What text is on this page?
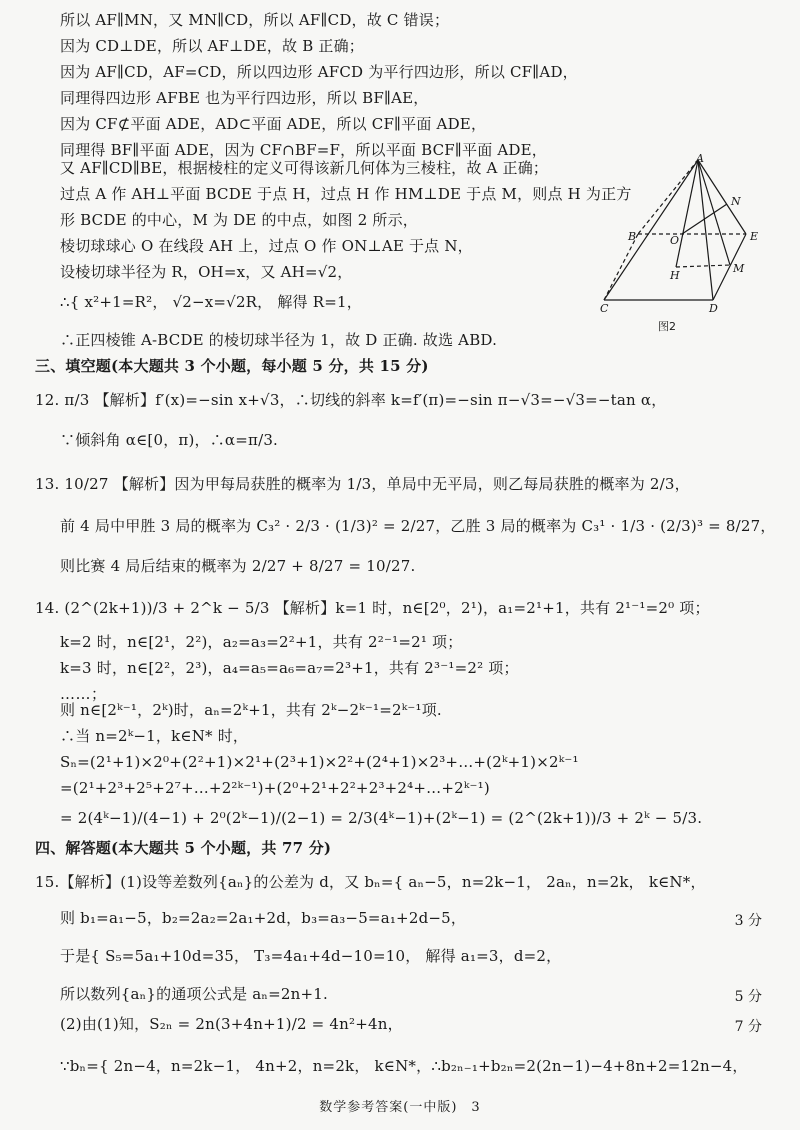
所以 AF∥MN，又 MN∥CD，所以 AF∥CD，故 C 错误；
因为 CD⊥DE，所以 AF⊥DE，故 B 正确；
因为 AF∥CD，AF=CD，所以四边形 AFCD 为平行四边形，所以 CF∥AD，
同理得四边形 AFBE 也为平行四边形，所以 BF∥AE，
因为 CF⊄平面 ADE，AD⊂平面 ADE，所以 CF∥平面 ADE，
同理得 BF∥平面 ADE，因为 CF∩BF=F，所以平面 BCF∥平面 ADE，
又 AF∥CD∥BE，根据棱柱的定义可得该新几何体为三棱柱，故 A 正确；
过点 A 作 AH⊥平面 BCDE 于点 H，过点 H 作 HM⊥DE 于点 M，则点 H 为正方
形 BCDE 的中心，M 为 DE 的中点，如图 2 所示，
棱切球球心 O 在线段 AH 上，过点 O 作 ON⊥AE 于点 N，
设棱切球半径为 R，OH=x，又 AH=√2，
∴{ x²+1=R²， √2−x=√2R， 解得 R=1，
∴正四棱锥 A-BCDE 的棱切球半径为 1，故 D 正确. 故选 ABD.
三、填空题(本大题共 3 个小题，每小题 5 分，共 15 分)
12. π/3 【解析】f′(x)=−sin x+√3，∴切线的斜率 k=f′(π)=−sin π−√3=−√3=−tan α，
∵倾斜角 α∈[0，π)，∴α=π/3.
13. 10/27 【解析】因为甲每局获胜的概率为 1/3，单局中无平局，则乙每局获胜的概率为 2/3，
前 4 局中甲胜 3 局的概率为 C₃² · 2/3 · (1/3)² = 2/27，乙胜 3 局的概率为 C₃¹ · 1/3 · (2/3)³ = 8/27，
则比赛 4 局后结束的概率为 2/27 + 8/27 = 10/27.
14. (2^(2k+1))/3 + 2^k − 5/3 【解析】k=1 时，n∈[2⁰，2¹)，a₁=2¹+1，共有 2¹⁻¹=2⁰ 项；
k=2 时，n∈[2¹，2²)，a₂=a₃=2²+1，共有 2²⁻¹=2¹ 项；
k=3 时，n∈[2²，2³)，a₄=a₅=a₆=a₇=2³+1，共有 2³⁻¹=2² 项；
……；
则 n∈[2ᵏ⁻¹，2ᵏ)时，aₙ=2ᵏ+1，共有 2ᵏ−2ᵏ⁻¹=2ᵏ⁻¹项.
∴当 n=2ᵏ−1，k∈N* 时，
Sₙ=(2¹+1)×2⁰+(2²+1)×2¹+(2³+1)×2²+(2⁴+1)×2³+…+(2ᵏ+1)×2ᵏ⁻¹
=(2¹+2³+2⁵+2⁷+…+2²ᵏ⁻¹)+(2⁰+2¹+2²+2³+2⁴+…+2ᵏ⁻¹)
= 2(4ᵏ−1)/(4−1) + 2⁰(2ᵏ−1)/(2−1) = 2/3(4ᵏ−1)+(2ᵏ−1) = (2^(2k+1))/3 + 2ᵏ − 5/3.
四、解答题(本大题共 5 个小题，共 77 分)
15.【解析】(1)设等差数列{aₙ}的公差为 d，又 bₙ={ aₙ−5，n=2k−1， 2aₙ，n=2k， k∈N*，
则 b₁=a₁−5，b₂=2a₂=2a₁+2d，b₃=a₃−5=a₁+2d−5，	3 分
于是{ S₅=5a₁+10d=35， T₃=4a₁+4d−10=10， 解得 a₁=3，d=2，
所以数列{aₙ}的通项公式是 aₙ=2n+1.	5 分
(2)由(1)知，S₂ₙ = 2n(3+4n+1)/2 = 4n²+4n，	7 分
∵bₙ={ 2n−4，n=2k−1， 4n+2，n=2k， k∈N*，∴b₂ₙ₋₁+b₂ₙ=2(2n−1)−4+8n+2=12n−4，
A
B
C	D
E
H
M
N
O
图2
数学参考答案(一中版)　3
